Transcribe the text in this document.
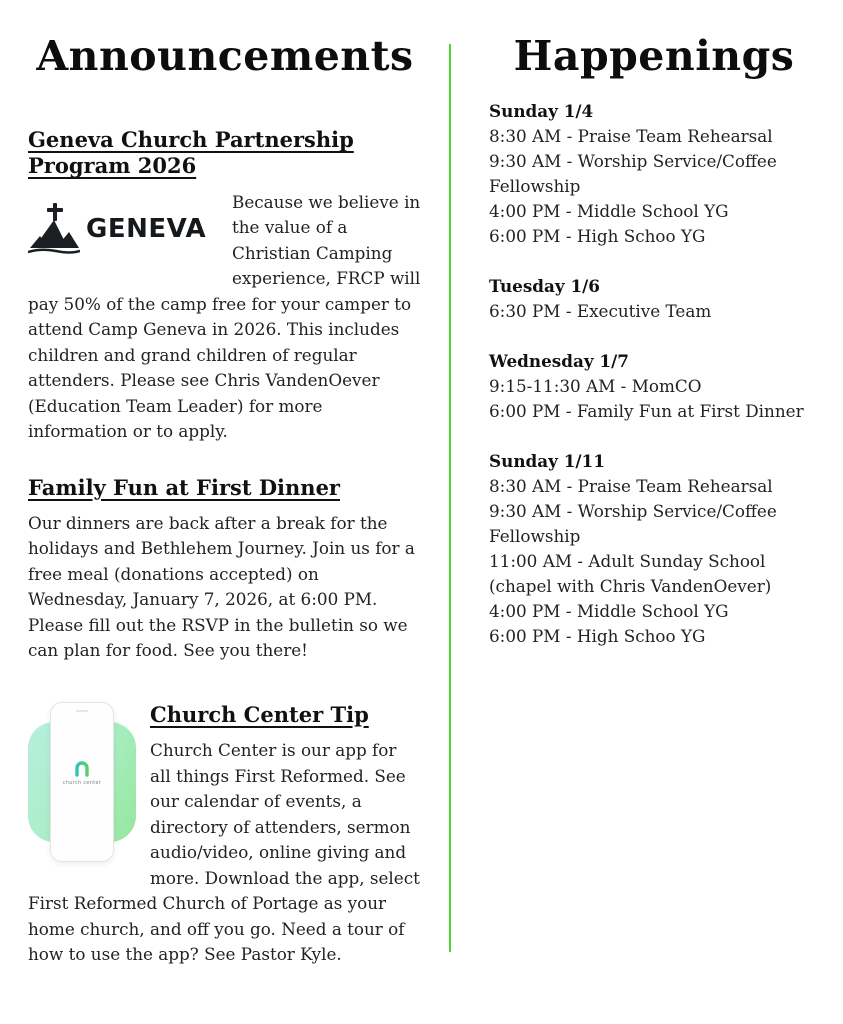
Announcements
Geneva Church Partnership Program 2026
GENEVA
Because we believe in the value of a Christian Camping experience, FRCP will pay 50% of the camp free for your camper to attend Camp Geneva in 2026. This includes children and grand children of regular attenders. Please see Chris VandenOever (Education Team Leader) for more information or to apply.
Family Fun at First Dinner
Our dinners are back after a break for the holidays and Bethlehem Journey. Join us for a free meal (donations accepted) on Wednesday, January 7, 2026, at 6:00 PM. Please fill out the RSVP in the bulletin so we can plan for food. See you there!
church center
Church Center Tip
Church Center is our app for all things First Reformed. See our calendar of events, a directory of attenders, sermon audio/video, online giving and more. Download the app, select First Reformed Church of Portage as your home church, and off you go. Need a tour of how to use the app? See Pastor Kyle.
Happenings
Sunday 1/4
8:30 AM - Praise Team Rehearsal
9:30 AM - Worship Service/Coffee Fellowship
4:00 PM - Middle School YG
6:00 PM - High Schoo YG
Tuesday 1/6
6:30 PM - Executive Team
Wednesday 1/7
9:15-11:30 AM - MomCO
6:00 PM - Family Fun at First Dinner
Sunday 1/11
8:30 AM - Praise Team Rehearsal
9:30 AM - Worship Service/Coffee Fellowship
11:00 AM - Adult Sunday School (chapel with Chris VandenOever)
4:00 PM - Middle School YG
6:00 PM - High Schoo YG
